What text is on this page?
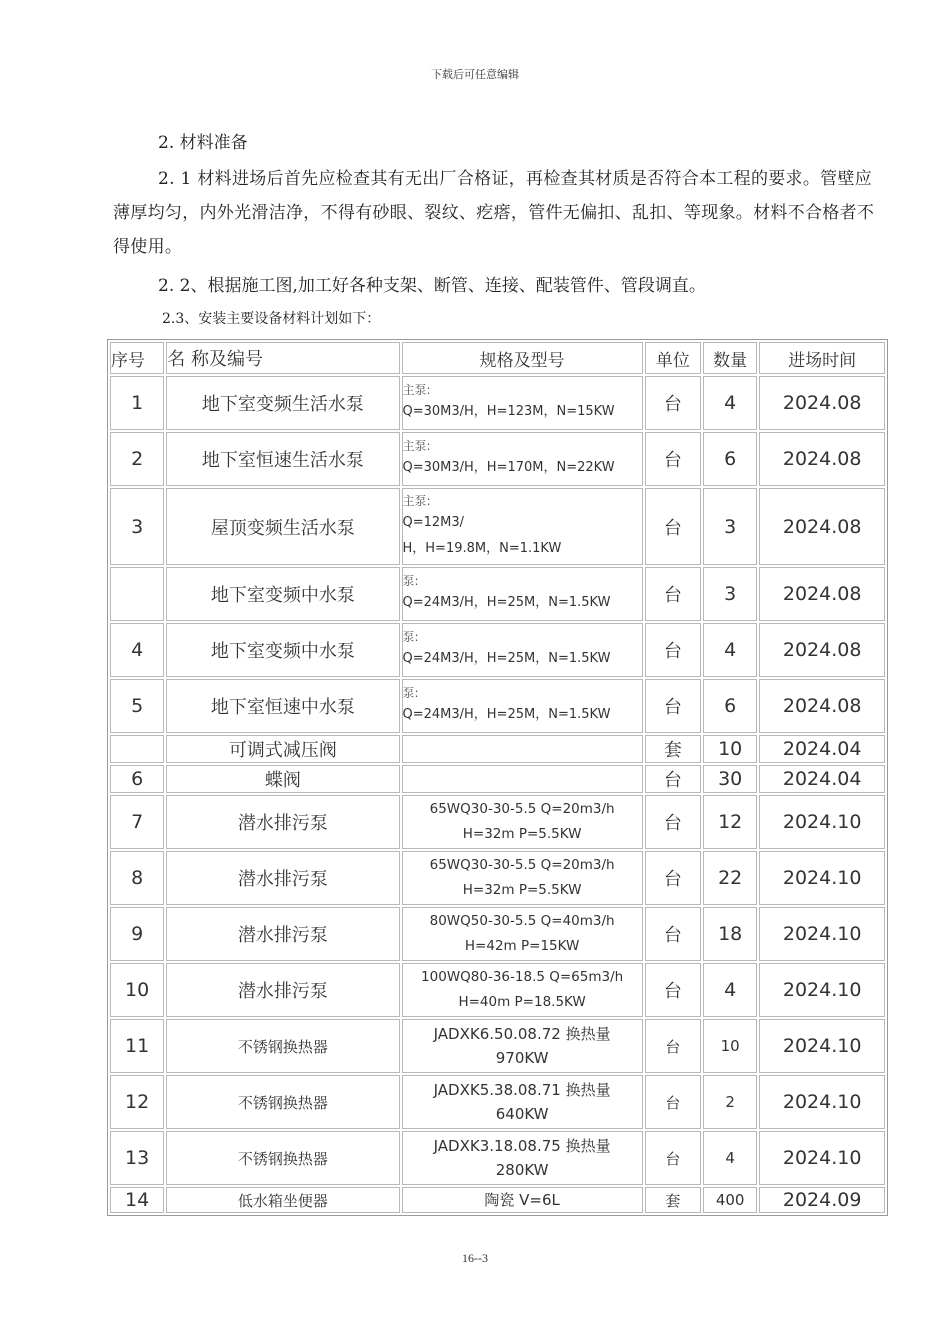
下载后可任意编辑
2. 材料准备
2. 1 材料进场后首先应检查其有无出厂合格证，再检查其材质是否符合本工程的要求。管壁应薄厚均匀，内外光滑洁净，不得有砂眼、裂纹、疙瘩，管件无偏扣、乱扣、等现象。材料不合格者不得使用。
2. 2、根据施工图,加工好各种支架、断管、连接、配装管件、管段调直。
2.3、安装主要设备材料计划如下：
序号	名 称及编号	规格及型号	单位	数量	进场时间
1	地下室变频生活水泵	主泵:
Q=30M3/H，H=123M，N=15KW	台	4	2024.08
2	地下室恒速生活水泵	主泵:
Q=30M3/H，H=170M，N=22KW	台	6	2024.08
3	屋顶变频生活水泵	主泵:
Q=12M3/
H，H=19.8M，N=1.1KW	台	3	2024.08
	地下室变频中水泵	泵:
Q=24M3/H，H=25M，N=1.5KW	台	3	2024.08
4	地下室变频中水泵	泵:
Q=24M3/H，H=25M，N=1.5KW	台	4	2024.08
5	地下室恒速中水泵	泵:
Q=24M3/H，H=25M，N=1.5KW	台	6	2024.08
	可调式减压阀		套	10	2024.04
6	蝶阀		台	30	2024.04
7	潜水排污泵	65WQ30-30-5.5 Q=20m3/h
H=32m P=5.5KW	台	12	2024.10
8	潜水排污泵	65WQ30-30-5.5 Q=20m3/h
H=32m P=5.5KW	台	22	2024.10
9	潜水排污泵	80WQ50-30-5.5 Q=40m3/h
H=42m P=15KW	台	18	2024.10
10	潜水排污泵	100WQ80-36-18.5 Q=65m3/h
H=40m P=18.5KW	台	4	2024.10
11	不锈钢换热器	JADXK6.50.08.72 换热量
970KW	台	10	2024.10
12	不锈钢换热器	JADXK5.38.08.71 换热量
640KW	台	2	2024.10
13	不锈钢换热器	JADXK3.18.08.75 换热量
280KW	台	4	2024.10
14	低水箱坐便器	陶瓷 V=6L	套	400	2024.09
16--3
